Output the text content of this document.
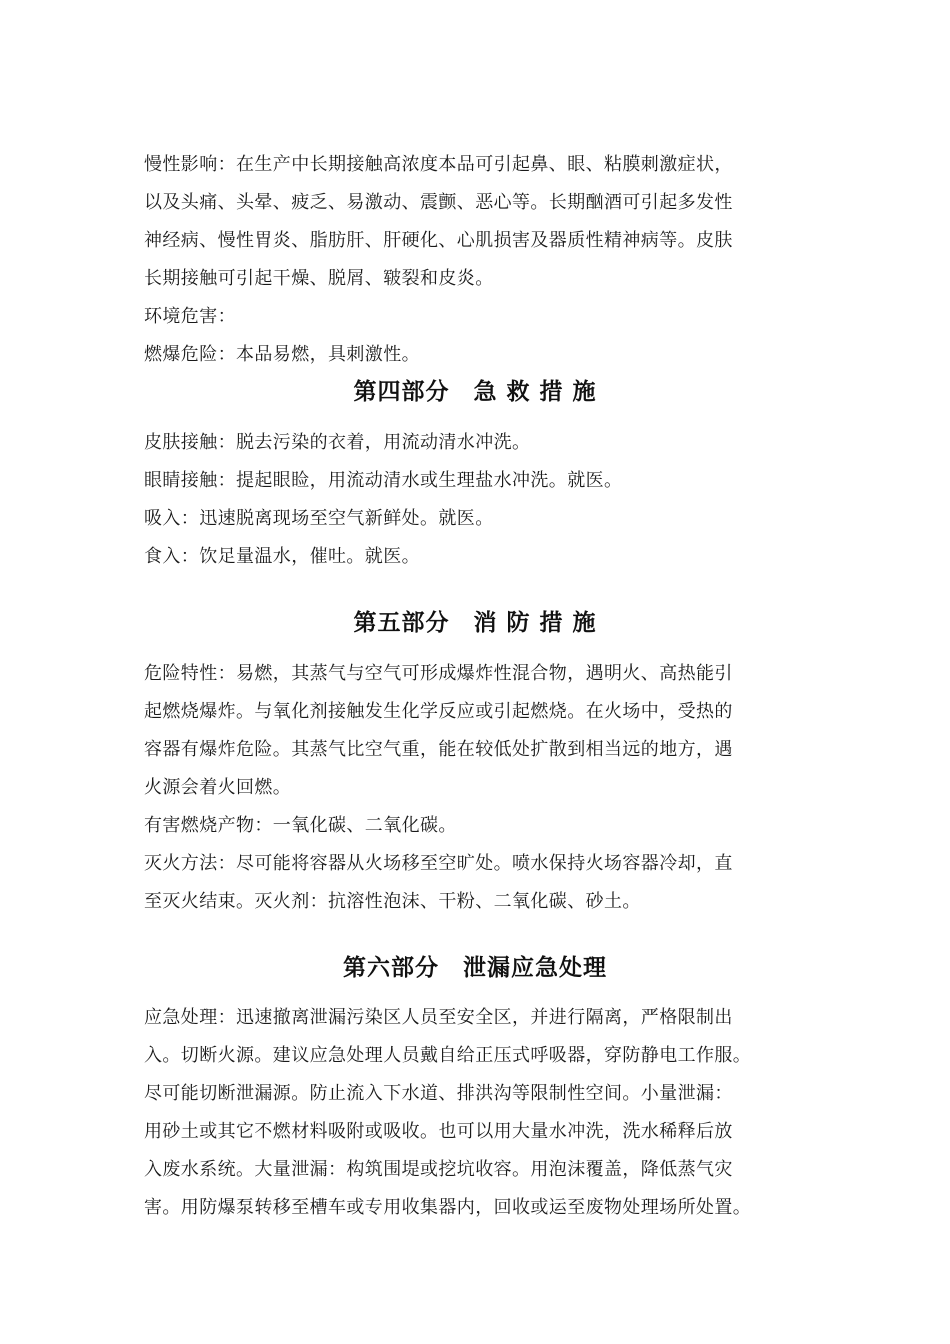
慢性影响：在生产中长期接触高浓度本品可引起鼻、眼、粘膜刺激症状，
以及头痛、头晕、疲乏、易激动、震颤、恶心等。长期酗酒可引起多发性
神经病、慢性胃炎、脂肪肝、肝硬化、心肌损害及器质性精神病等。皮肤
长期接触可引起干燥、脱屑、皲裂和皮炎。
环境危害：
燃爆危险：本品易燃，具刺激性。
第四部分　急 救 措 施
皮肤接触：脱去污染的衣着，用流动清水冲洗。
眼睛接触：提起眼睑，用流动清水或生理盐水冲洗。就医。
吸入：迅速脱离现场至空气新鲜处。就医。
食入：饮足量温水，催吐。就医。
第五部分　消 防 措 施
危险特性：易燃，其蒸气与空气可形成爆炸性混合物，遇明火、高热能引
起燃烧爆炸。与氧化剂接触发生化学反应或引起燃烧。在火场中，受热的
容器有爆炸危险。其蒸气比空气重，能在较低处扩散到相当远的地方，遇
火源会着火回燃。
有害燃烧产物：一氧化碳、二氧化碳。
灭火方法：尽可能将容器从火场移至空旷处。喷水保持火场容器冷却，直
至灭火结束。灭火剂：抗溶性泡沫、干粉、二氧化碳、砂土。
第六部分　泄漏应急处理
应急处理：迅速撤离泄漏污染区人员至安全区，并进行隔离，严格限制出
入。切断火源。建议应急处理人员戴自给正压式呼吸器，穿防静电工作服。
尽可能切断泄漏源。防止流入下水道、排洪沟等限制性空间。小量泄漏：
用砂土或其它不燃材料吸附或吸收。也可以用大量水冲洗，洗水稀释后放
入废水系统。大量泄漏：构筑围堤或挖坑收容。用泡沫覆盖，降低蒸气灾
害。用防爆泵转移至槽车或专用收集器内，回收或运至废物处理场所处置。
